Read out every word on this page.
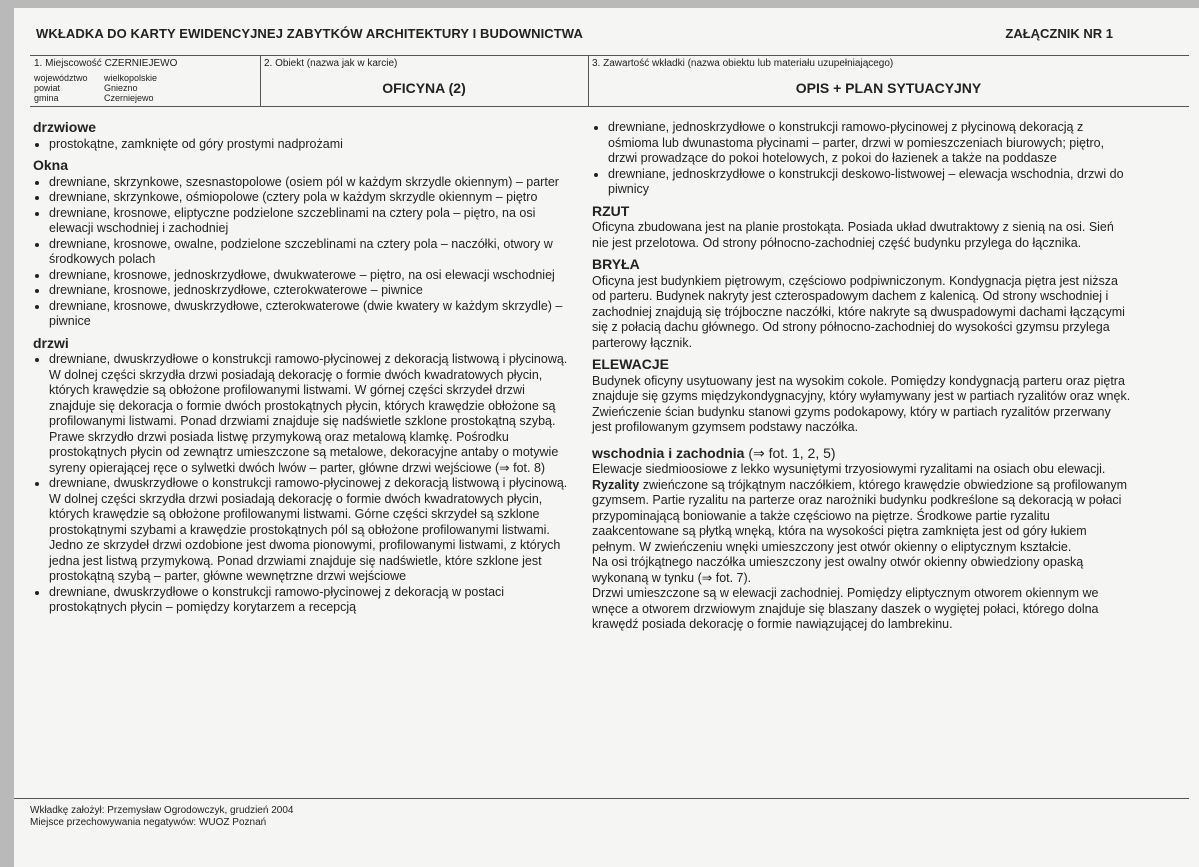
WKŁADKA DO KARTY EWIDENCYJNEJ ZABYTKÓW ARCHITEKTURY I BUDOWNICTWA	ZAŁĄCZNIK NR 1
1. Miejscowość CZERNIEJEWO
województwo	wielkopolskie
powiat	Gniezno
gmina	Czerniejewo
2. Obiekt (nazwa jak w karcie)
OFICYNA (2)
3. Zawartość wkładki (nazwa obiektu lub materiału uzupełniającego)
OPIS + PLAN SYTUACYJNY
drzwiowe
• prostokątne, zamknięte od góry prostymi nadprożami
Okna
• drewniane, skrzynkowe, szesnastopolowe (osiem pól w każdym skrzydle okiennym) – parter
• drewniane, skrzynkowe, ośmiopolowe (cztery pola w każdym skrzydle okiennym – piętro
• drewniane, krosnowe, eliptyczne podzielone szczeblinami na cztery pola – piętro, na osi elewacji wschodniej i zachodniej
• drewniane, krosnowe, owalne, podzielone szczeblinami na cztery pola – naczółki, otwory w środkowych polach
• drewniane, krosnowe, jednoskrzydłowe, dwukwaterowe – piętro, na osi elewacji wschodniej
• drewniane, krosnowe, jednoskrzydłowe, czterokwaterowe – piwnice
• drewniane, krosnowe, dwuskrzydłowe, czterokwaterowe (dwie kwatery w każdym skrzydle) – piwnice
drzwi
• drewniane, dwuskrzydłowe o konstrukcji ramowo-płycinowej z dekoracją listwową i płycinową. W dolnej części skrzydła drzwi posiadają dekorację o formie dwóch kwadratowych płycin, których krawędzie są obłożone profilowanymi listwami. W górnej części skrzydeł drzwi znajduje się dekoracja o formie dwóch prostokątnych płycin, których krawędzie obłożone są profilowanymi listwami. Ponad drzwiami znajduje się nadświetle szklone prostokątną szybą. Prawe skrzydło drzwi posiada listwę przymykową oraz metalową klamkę. Pośrodku prostokątnych płycin od zewnątrz umieszczone są metalowe, dekoracyjne antaby o motywie syreny opierającej ręce o sylwetki dwóch lwów – parter, główne drzwi wejściowe (⇒ fot. 8)
• drewniane, dwuskrzydłowe o konstrukcji ramowo-płycinowej z dekoracją listwową i płycinową. W dolnej części skrzydła drzwi posiadają dekorację o formie dwóch kwadratowych płycin, których krawędzie są obłożone profilowanymi listwami. Górne części skrzydeł są szklone prostokątnymi szybami a krawędzie prostokątnych pól są obłożone profilowanymi listwami. Jedno ze skrzydeł drzwi ozdobione jest dwoma pionowymi, profilowanymi listwami, z których jedna jest listwą przymykową. Ponad drzwiami znajduje się nadświetle, które szklone jest prostokątną szybą – parter, główne wewnętrzne drzwi wejściowe
• drewniane, dwuskrzydłowe o konstrukcji ramowo-płycinowej z dekoracją w postaci prostokątnych płycin – pomiędzy korytarzem a recepcją
• drewniane, jednoskrzydłowe o konstrukcji ramowo-płycinowej z płycinową dekoracją z ośmioma lub dwunastoma płycinami – parter, drzwi w pomieszczeniach biurowych; piętro, drzwi prowadzące do pokoi hotelowych, z pokoi do łazienek a także na poddasze
• drewniane, jednoskrzydłowe o konstrukcji deskowo-listwowej – elewacja wschodnia, drzwi do piwnicy
RZUT

Oficyna zbudowana jest na planie prostokąta. Posiada układ dwutraktowy z sienią na osi. Sień nie jest przelotowa. Od strony północno-zachodniej część budynku przylega do łącznika.

BRYŁA

Oficyna jest budynkiem piętrowym, częściowo podpiwniczonym. Kondygnacja piętra jest niższa od parteru. Budynek nakryty jest czterospadowym dachem z kalenicą. Od strony wschodniej i zachodniej znajdują się trójboczne naczółki, które nakryte są dwuspadowymi dachami łączącymi się z połacią dachu głównego. Od strony północno-zachodniej do wysokości gzymsu przylega parterowy łącznik.

ELEWACJE

Budynek oficyny usytuowany jest na wysokim cokole. Pomiędzy kondygnacją parteru oraz piętra znajduje się gzyms międzykondygnacyjny, który wyłamywany jest w partiach ryzalitów oraz wnęk. Zwieńczenie ścian budynku stanowi gzyms podokapowy, który w partiach ryzalitów przerwany jest profilowanym gzymsem podstawy naczółka.

wschodnia i zachodnia (⇒ fot. 1, 2, 5)

Elewacje siedmioosiowe z lekko wysuniętymi trzyosiowymi ryzalitami na osiach obu elewacji.

Ryzality zwieńczone są trójkątnym naczółkiem, którego krawędzie obwiedzione są profilowanym gzymsem. Partie ryzalitu na parterze oraz narożniki budynku podkreślone są dekoracją w połaci przypominającą boniowanie a także częściowo na piętrze. Środkowe partie ryzalitu zaakcentowane są płytką wnęką, która na wysokości piętra zamknięta jest od góry łukiem pełnym. W zwieńczeniu wnęki umieszczony jest otwór okienny o eliptycznym kształcie.

Na osi trójkątnego naczółka umieszczony jest owalny otwór okienny obwiedziony opaską wykonaną w tynku (⇒ fot. 7).

Drzwi umieszczone są w elewacji zachodniej. Pomiędzy eliptycznym otworem okiennym we wnęce a otworem drzwiowym znajduje się blaszany daszek o wygiętej połaci, którego dolna krawędź posiada dekorację o formie nawiązującej do lambrekinu.

Wkładkę założył: Przemysław Ogrodowczyk, grudzień 2004
Miejsce przechowywania negatywów: WUOZ Poznań
